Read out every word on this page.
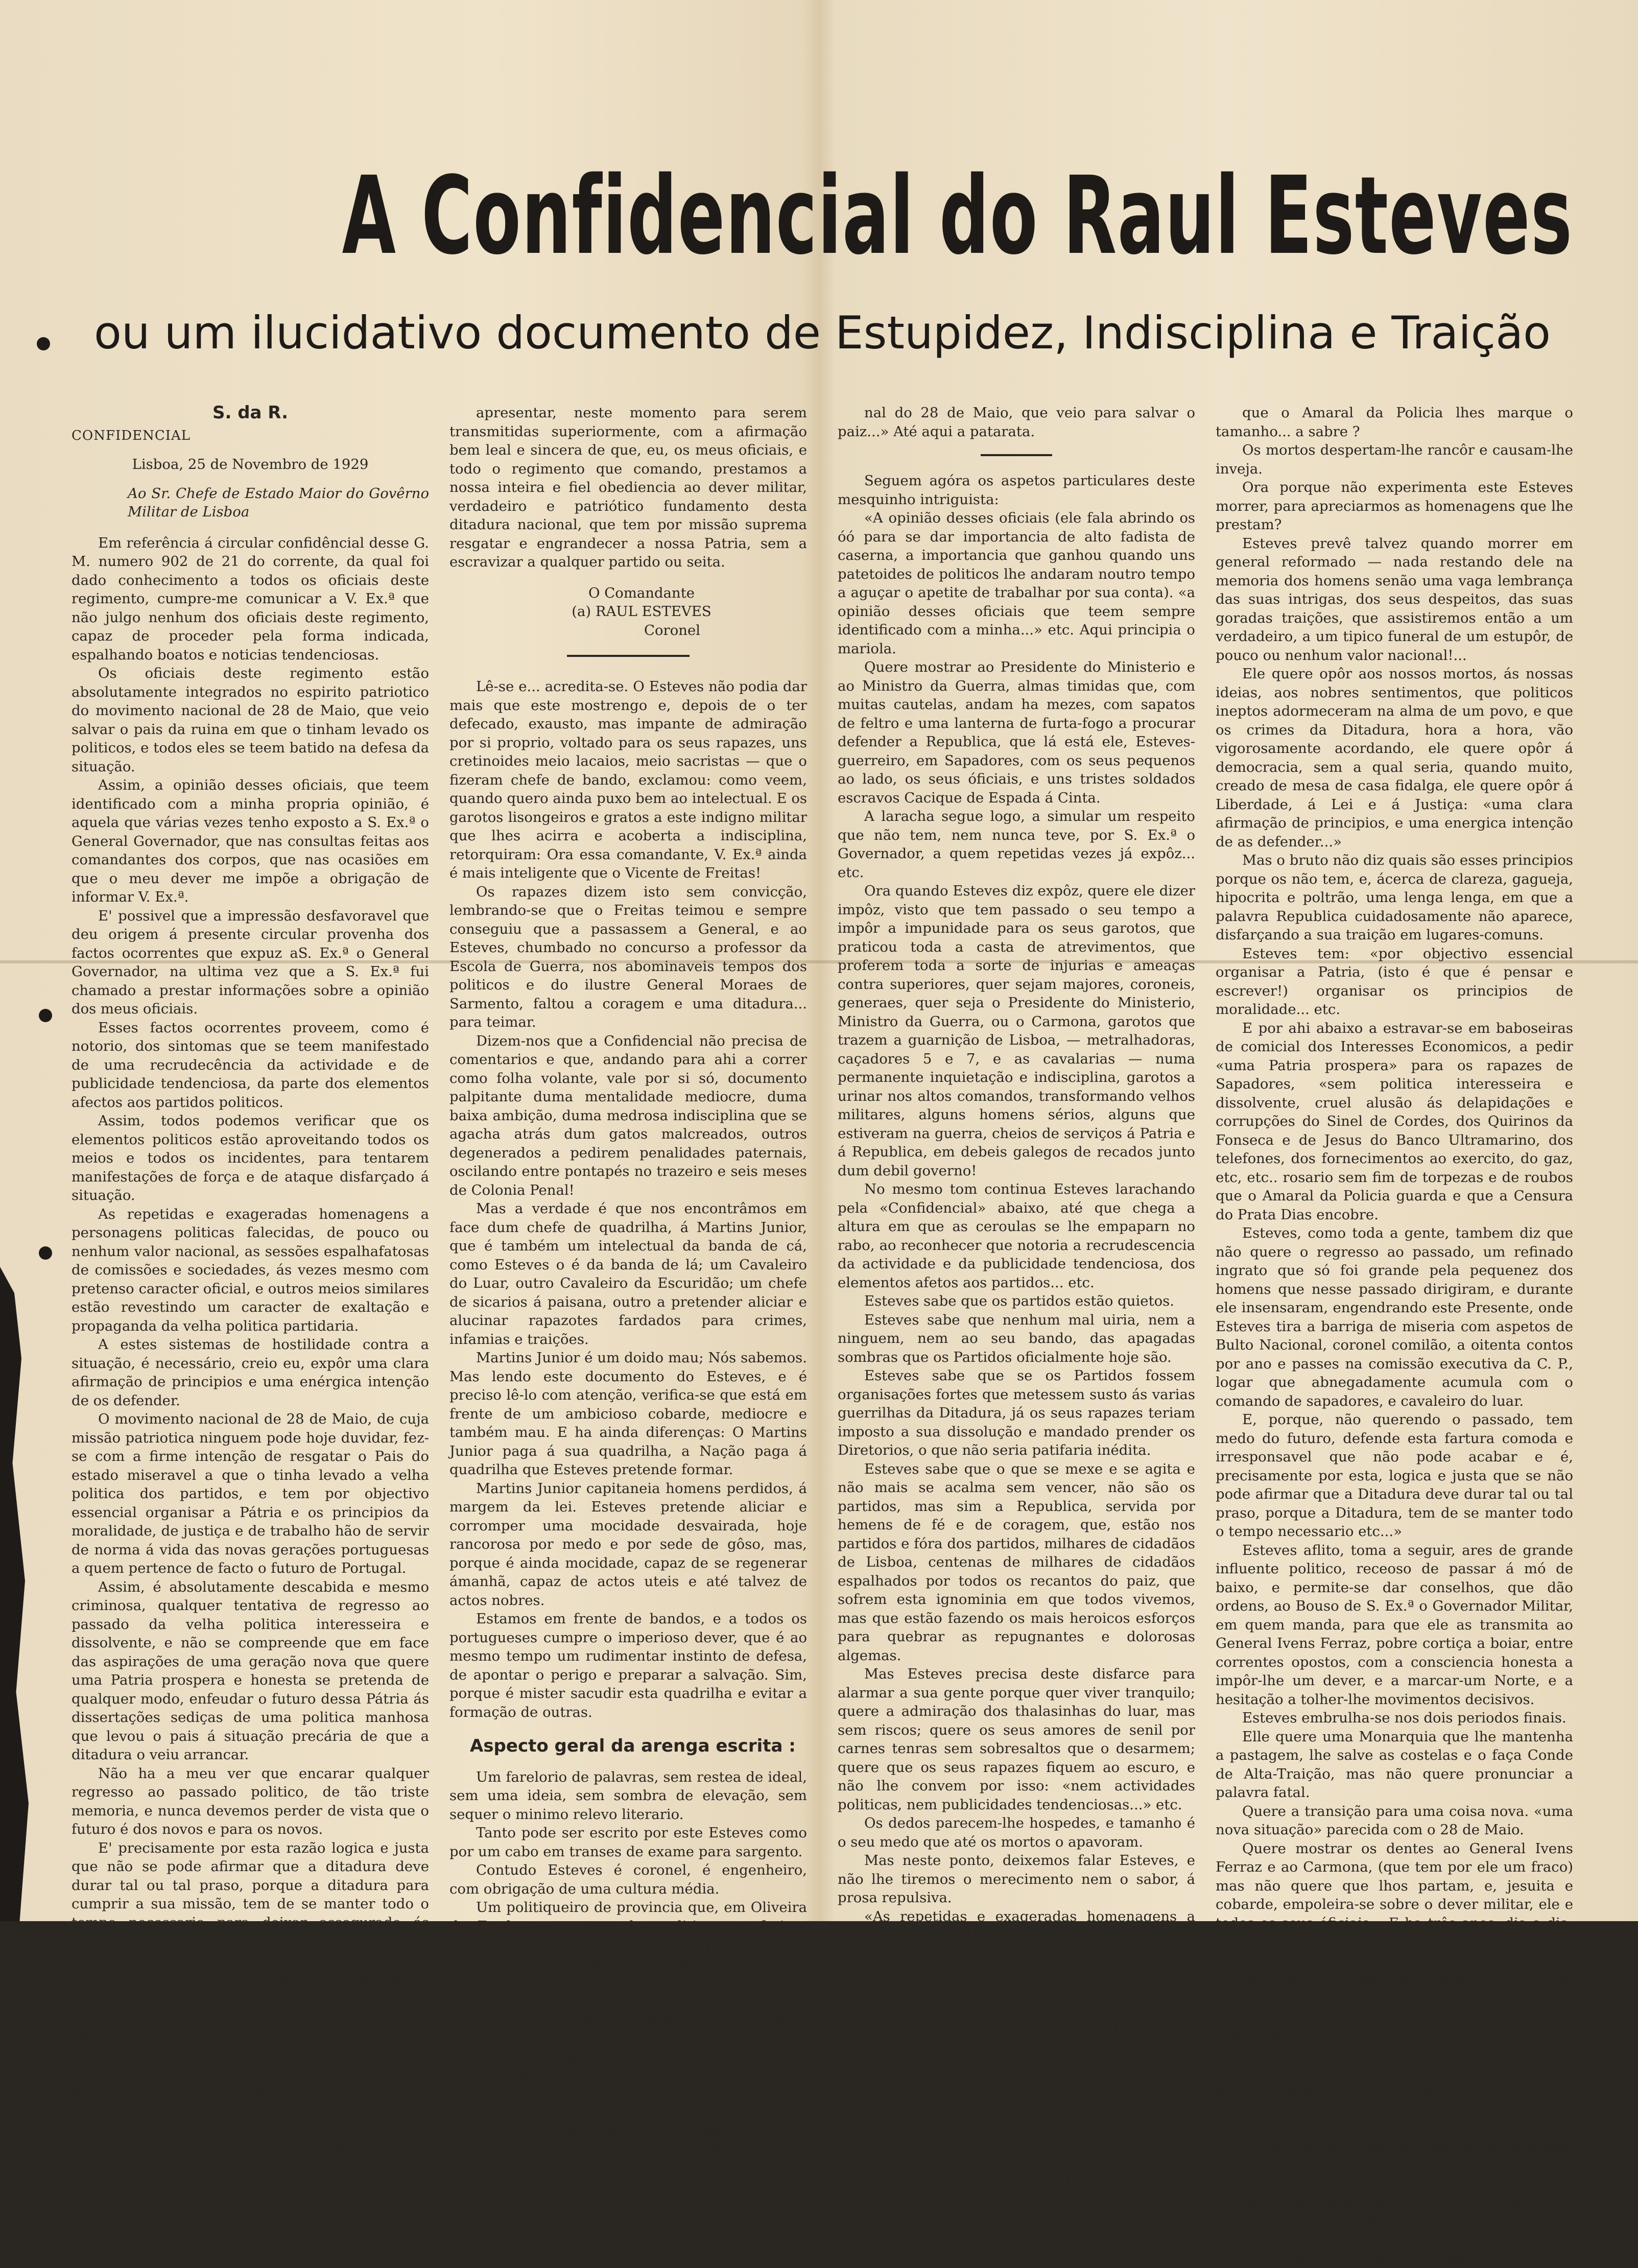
A Confidencial do Raul Esteves
ou um ilucidativo documento de Estupidez, Indisciplina e Traição
S. da R.
CONFIDENCIAL
Lisboa, 25 de Novembro de 1929
Ao Sr. Chefe de Estado Maior do Govêrno Militar de Lisboa

Em referência á circular confidêncial desse G. M. numero 902 de 21 do corrente, da qual foi dado conhecimento a todos os oficiais deste regimento, cumpre-me comunicar a V. Ex.ª que não julgo nenhum dos oficiais deste regimento, capaz de proceder pela forma indicada, espalhando boatos e noticias tendenciosas.

Os oficiais deste regimento estão absolutamente integrados no espirito patriotico do movimento nacional de 28 de Maio, que veio salvar o pais da ruina em que o tinham levado os politicos, e todos eles se teem batido na defesa da situação.

Assim, a opinião desses oficiais, que teem identificado com a minha propria opinião, é aquela que várias vezes tenho exposto a S. Ex.ª o General Governador, que nas consultas feitas aos comandantes dos corpos, que nas ocasiões em que o meu dever me impõe a obrigação de informar V. Ex.ª.

E' possivel que a impressão desfavoravel que deu origem á presente circular provenha dos factos ocorrentes que expuz aS. Ex.ª o General Governador, na ultima vez que a S. Ex.ª fui chamado a prestar informações sobre a opinião dos meus oficiais.

Esses factos ocorrentes proveem, como é notorio, dos sintomas que se teem manifestado de uma recrudecência da actividade e de publicidade tendenciosa, da parte dos elementos afectos aos partidos politicos.

Assim, todos podemos verificar que os elementos politicos estão aproveitando todos os meios e todos os incidentes, para tentarem manifestações de força e de ataque disfarçado á situação.

As repetidas e exageradas homenagens a personagens politicas falecidas, de pouco ou nenhum valor nacional, as sessões espalhafatosas de comissões e sociedades, ás vezes mesmo com pretenso caracter oficial, e outros meios similares estão revestindo um caracter de exaltação e propaganda da velha politica partidaria.

A estes sistemas de hostilidade contra a situação, é necessário, creio eu, expôr uma clara afirmação de principios e uma enérgica intenção de os defender.

O movimento nacional de 28 de Maio, de cuja missão patriotica ninguem pode hoje duvidar, fez-se com a firme intenção de resgatar o Pais do estado miseravel a que o tinha levado a velha politica dos partidos, e tem por objectivo essencial organisar a Pátria e os principios da moralidade, de justiça e de trabalho hão de servir de norma á vida das novas gerações portuguesas a quem pertence de facto o futuro de Portugal.

Assim, é absolutamente descabida e mesmo criminosa, qualquer tentativa de regresso ao passado da velha politica interesseira e dissolvente, e não se compreende que em face das aspirações de uma geração nova que quere uma Patria prospera e honesta se pretenda de qualquer modo, enfeudar o futuro dessa Pátria ás dissertações sediças de uma politica manhosa que levou o pais á situação precária de que a ditadura o veiu arrancar.

Não ha a meu ver que encarar qualquer regresso ao passado politico, de tão triste memoria, e nunca devemos perder de vista que o futuro é dos novos e para os novos.

E' precisamente por esta razão logica e justa que não se pode afirmar que a ditadura deve durar tal ou tal praso, porque a ditadura para cumprir a sua missão, tem de se manter todo o tempo necessario para deixar assegurado ás novas gerações a vida prospera e honesta de uma Patria melhor do que a que nos infelizmente herdamos de uma geração desmoralizada pelos processos dos velhos partidos politicos.

Se como agora temos visto se persiste em afirmar que a ditadura é apenas uma transição, é bom não esquecer que a transição nunca dignificou o regresso ao mesmo estado anterior, pois que a transição neste caso, deve constituir iniludivelmente a passagem de uma situação que era intoleravel, para uma nova situação harmonica com as aspirações patrioticas do movimento de 28 de Maio.

Estas são as considerações que julgo de meu dever

apresentar, neste momento para serem transmitidas superiormente, com a afirmação bem leal e sincera de que, eu, os meus oficiais, e todo o regimento que comando, prestamos a nossa inteira e fiel obediencia ao dever militar, verdadeiro e patriótico fundamento desta ditadura nacional, que tem por missão suprema resgatar e engrandecer a nossa Patria, sem a escravizar a qualquer partido ou seita.

O Comandante

(a) RAUL ESTEVES

Coronel

Lê-se e... acredita-se. O Esteves não podia dar mais que este mostrengo e, depois de o ter defecado, exausto, mas impante de admiração por si proprio, voltado para os seus rapazes, uns cretinoides meio lacaios, meio sacristas — que o fizeram chefe de bando, exclamou: como veem, quando quero ainda puxo bem ao intelectual. E os garotos lisongeiros e gratos a este indigno militar que lhes acirra e acoberta a indisciplina, retorquiram: Ora essa comandante, V. Ex.ª ainda é mais inteligente que o Vicente de Freitas!

Os rapazes dizem isto sem convicção, lembrando-se que o Freitas teimou e sempre conseguiu que a passassem a General, e ao Esteves, chumbado no concurso a professor da Escola de Guerra, nos abominaveis tempos dos politicos e do ilustre General Moraes de Sarmento, faltou a coragem e uma ditadura... para teimar.

Dizem-nos que a Confidencial não precisa de comentarios e que, andando para ahi a correr como folha volante, vale por si só, documento palpitante duma mentalidade mediocre, duma baixa ambição, duma medrosa indisciplina que se agacha atrás dum gatos malcreados, outros degenerados a pedirem penalidades paternais, oscilando entre pontapés no trazeiro e seis meses de Colonia Penal!

Mas a verdade é que nos encontrâmos em face dum chefe de quadrilha, á Martins Junior, que é também um intelectual da banda de cá, como Esteves o é da banda de lá; um Cavaleiro do Luar, outro Cavaleiro da Escuridão; um chefe de sicarios á paisana, outro a pretender aliciar e alucinar rapazotes fardados para crimes, infamias e traições.

Martins Junior é um doido mau; Nós sabemos. Mas lendo este documento do Esteves, e é preciso lê-lo com atenção, verifica-se que está em frente de um ambicioso cobarde, mediocre e também mau. E ha ainda diferenças: O Martins Junior paga á sua quadrilha, a Nação paga á quadrilha que Esteves pretende formar.

Martins Junior capitaneia homens perdidos, á margem da lei. Esteves pretende aliciar e corromper uma mocidade desvairada, hoje rancorosa por medo e por sede de gôso, mas, porque é ainda mocidade, capaz de se regenerar ámanhã, capaz de actos uteis e até talvez de actos nobres.

Estamos em frente de bandos, e a todos os portugueses cumpre o imperioso dever, que é ao mesmo tempo um rudimentar instinto de defesa, de apontar o perigo e preparar a salvação. Sim, porque é mister sacudir esta quadrilha e evitar a formação de outras.

Aspecto geral da arenga escrita :

Um farelorio de palavras, sem restea de ideal, sem uma ideia, sem sombra de elevação, sem sequer o minimo relevo literario.

Tanto pode ser escrito por este Esteves como por um cabo em transes de exame para sargento.

Contudo Esteves é coronel, é engenheiro, com obrigação de uma cultura média.

Um politiqueiro de provincia que, em Oliveira de Frades, no tempo dos politicos, proferisse aquelas sandices em defesa do seu partido, numa visita de governador civil, não abichava a administração de concelho.

Palavra de honra que não.

E este comandante é um dos Ratas Maximas, um dos supremos intelectuaes que interpreta o já sediço «espirito patriotico do movimento nacional de 28 de Maio que veio para... etc».

Mas o melhor é lê-lo, banal e ôco; na sua solene imbecilidade:

«Os oficiais deste Regimento estão absolutamente integrados no espirito patriotico do movimento nacio-

nal do 28 de Maio, que veio para salvar o paiz...» Até aqui a patarata.

Seguem agóra os aspetos particulares deste mesquinho intriguista:

«A opinião desses oficiais (ele fala abrindo os óó para se dar importancia de alto fadista de caserna, a importancia que ganhou quando uns patetoides de politicos lhe andaram noutro tempo a aguçar o apetite de trabalhar por sua conta). «a opinião desses oficiais que teem sempre identificado com a minha...» etc. Aqui principia o mariola.

Quere mostrar ao Presidente do Ministerio e ao Ministro da Guerra, almas timidas que, com muitas cautelas, andam ha mezes, com sapatos de feltro e uma lanterna de furta-fogo a procurar defender a Republica, que lá está ele, Esteves-guerreiro, em Sapadores, com os seus pequenos ao lado, os seus óficiais, e uns tristes soldados escravos Cacique de Espada á Cinta.

A laracha segue logo, a simular um respeito que não tem, nem nunca teve, por S. Ex.ª o Governador, a quem repetidas vezes já expôz... etc.

Ora quando Esteves diz expôz, quere ele dizer impôz, visto que tem passado o seu tempo a impôr a impunidade para os seus garotos, que praticou toda a casta de atrevimentos, que proferem toda a sorte de injurias e ameaças contra superiores, quer sejam majores, coroneis, generaes, quer seja o Presidente do Ministerio, Ministro da Guerra, ou o Carmona, garotos que trazem a guarnição de Lisboa, — metralhadoras, caçadores 5 e 7, e as cavalarias — numa permanente inquietação e indisciplina, garotos a urinar nos altos comandos, transformando velhos militares, alguns homens sérios, alguns que estiveram na guerra, cheios de serviços á Patria e á Republica, em debeis galegos de recados junto dum debil governo!

No mesmo tom continua Esteves larachando pela «Confidencial» abaixo, até que chega a altura em que as ceroulas se lhe empaparn no rabo, ao reconhecer que notoria a recrudescencia da actividade e da publicidade tendenciosa, dos elementos afetos aos partidos... etc.

Esteves sabe que os partidos estão quietos.

Esteves sabe que nenhum mal uiria, nem a ninguem, nem ao seu bando, das apagadas sombras que os Partidos oficialmente hoje são.

Esteves sabe que se os Partidos fossem organisações fortes que metessem susto ás varias guerrilhas da Ditadura, já os seus rapazes teriam imposto a sua dissolução e mandado prender os Diretorios, o que não seria patifaria inédita.

Esteves sabe que o que se mexe e se agita e não mais se acalma sem vencer, não são os partidos, mas sim a Republica, servida por hemens de fé e de coragem, que, estão nos partidos e fóra dos partidos, milhares de cidadãos de Lisboa, centenas de milhares de cidadãos espalhados por todos os recantos do paiz, que sofrem esta ignominia em que todos vivemos, mas que estão fazendo os mais heroicos esforços para quebrar as repugnantes e dolorosas algemas.

Mas Esteves precisa deste disfarce para alarmar a sua gente porque quer viver tranquilo; quere a admiração dos thalasinhas do luar, mas sem riscos; quere os seus amores de senil por carnes tenras sem sobresaltos que o desarmem; quere que os seus rapazes fiquem ao escuro, e não lhe convem por isso: «nem actividades politicas, nem publicidades tendenciosas...» etc.

Os dedos parecem-lhe hospedes, e tamanho é o seu medo que até os mortos o apavoram.

Mas neste ponto, deixemos falar Esteves, e não lhe tiremos o merecimento nem o sabor, á prosa repulsiva.

«As repetidas e exageradas homenagens a personagens politicos falecidos, de pouco ou nenhum valor nacional, ...estão revestindo um caracter de exaltação e propaganda... etc.

Não se chega a saber o que Esteves pretende: Impedir que morram mais homens ilustres de glorioso passado em prol da Patria e da Republica? Proibir aos vivos que acompanhem á ultima morada os mortos queridos, envolvendo-os na sua enternecida saudade e na sua carinhosa gratidão?

Não quere homenagens repetidas, não quere homenagens exageradas.

O idiota!

Quere então homenagens por uma só vez? Quere

que o Amaral da Policia lhes marque o tamanho... a sabre ?

Os mortos despertam-lhe rancôr e causam-lhe inveja.

Ora porque não experimenta este Esteves morrer, para apreciarmos as homenagens que lhe prestam?

Esteves prevê talvez quando morrer em general reformado — nada restando dele na memoria dos homens senão uma vaga lembrança das suas intrigas, dos seus despeitos, das suas goradas traições, que assistiremos então a um verdadeiro, a um tipico funeral de um estupôr, de pouco ou nenhum valor nacional!...

Ele quere opôr aos nossos mortos, ás nossas ideias, aos nobres sentimentos, que politicos ineptos adormeceram na alma de um povo, e que os crimes da Ditadura, hora a hora, vão vigorosamente acordando, ele quere opôr á democracia, sem a qual seria, quando muito, creado de mesa de casa fidalga, ele quere opôr á Liberdade, á Lei e á Justiça: «uma clara afirmação de principios, e uma energica intenção de as defender...»

Mas o bruto não diz quais são esses principios porque os não tem, e, ácerca de clareza, gagueja, hipocrita e poltrão, uma lenga lenga, em que a palavra Republica cuidadosamente não aparece, disfarçando a sua traição em lugares-comuns.

Esteves tem: «por objectivo essencial organisar a Patria, (isto é que é pensar e escrever!) organisar os principios de moralidade... etc.

E por ahi abaixo a estravar-se em baboseiras de comicial dos Interesses Economicos, a pedir «uma Patria prospera» para os rapazes de Sapadores, «sem politica interesseira e dissolvente, cruel alusão ás delapidações e corrupções do Sinel de Cordes, dos Quirinos da Fonseca e de Jesus do Banco Ultramarino, dos telefones, dos fornecimentos ao exercito, do gaz, etc, etc.. rosario sem fim de torpezas e de roubos que o Amaral da Policia guarda e que a Censura do Prata Dias encobre.

Esteves, como toda a gente, tambem diz que não quere o regresso ao passado, um refinado ingrato que só foi grande pela pequenez dos homens que nesse passado dirigiram, e durante ele insensaram, engendrando este Presente, onde Esteves tira a barriga de miseria com aspetos de Bulto Nacional, coronel comilão, a oitenta contos por ano e passes na comissão executiva da C. P., logar que abnegadamente acumula com o comando de sapadores, e cavaleiro do luar.

E, porque, não querendo o passado, tem medo do futuro, defende esta fartura comoda e irresponsavel que não pode acabar e é, precisamente por esta, logica e justa que se não pode afirmar que a Ditadura deve durar tal ou tal praso, porque a Ditadura, tem de se manter todo o tempo necessario etc...»

Esteves aflito, toma a seguir, ares de grande influente politico, receoso de passar á mó de baixo, e permite-se dar conselhos, que dão ordens, ao Bouso de S. Ex.ª o Governador Militar, em quem manda, para que ele as transmita ao General Ivens Ferraz, pobre cortiça a boiar, entre correntes opostos, com a consciencia honesta a impôr-lhe um dever, e a marcar-um Norte, e a hesitação a tolher-lhe movimentos decisivos.

Esteves embrulha-se nos dois periodos finais.

Elle quere uma Monarquia que lhe mantenha a pastagem, lhe salve as costelas e o faça Conde de Alta-Traição, mas não quere pronunciar a palavra fatal.

Quere a transição para uma coisa nova. «uma nova situação» parecida com o 28 de Maio.

Quere mostrar os dentes ao General Ivens Ferraz e ao Carmona, (que tem por ele um fraco) mas não quere que lhos partam, e, jesuita e cobarde, empoleira-se sobre o dever militar, ele e todos os seus óficiais... E ha três anos, dia a dia, ele vive á margem dum nobre Dever Militar, e, com falsas aparencias de disciplina a Confidencial só mostra que, mantem em pé de guerra uma cautelosa rebelião.

E vejam se não vale a pena ler e comentar este vergonhoso papel.

Serve ao menos para mostrar á Nação, ao Exercito e á Marinha, a profunda desorganisação, a desbragada imoralidade, a indecorosa indisciplina em que eles se debatem, tamanha, que já revira venenosos dentes contra a Ditadura.

Os oficiais do Exercito, dignos deste nome, dos que na guerra se bateram e dos que na paz, honradamente servem a Patria e a Republica, digam lá, se estes Esteves e estes documentos não são afinal a verdadeira, a unica dissolução dum Exercito?!

E acudam-lhe emquanto é tempo!
